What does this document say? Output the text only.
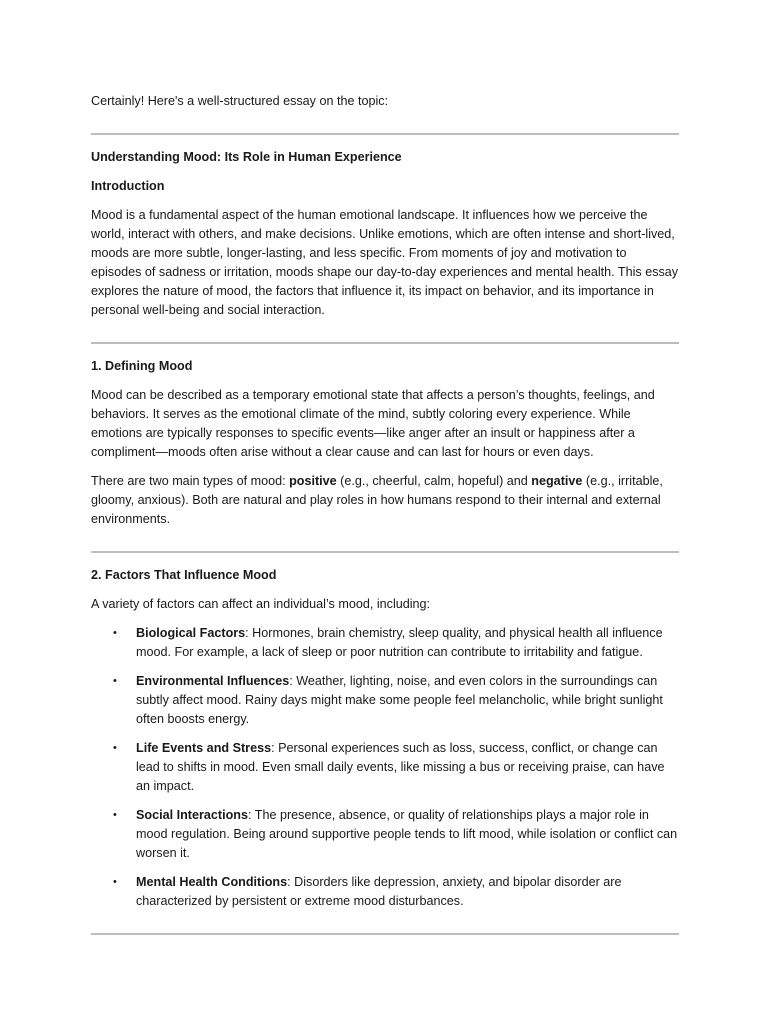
Certainly! Here's a well-structured essay on the topic:

Understanding Mood: Its Role in Human Experience

Introduction

Mood is a fundamental aspect of the human emotional landscape. It influences how we perceive the world, interact with others, and make decisions. Unlike emotions, which are often intense and short-lived, moods are more subtle, longer-lasting, and less specific. From moments of joy and motivation to episodes of sadness or irritation, moods shape our day-to-day experiences and mental health. This essay explores the nature of mood, the factors that influence it, its impact on behavior, and its importance in personal well-being and social interaction.

1. Defining Mood

Mood can be described as a temporary emotional state that affects a person’s thoughts, feelings, and behaviors. It serves as the emotional climate of the mind, subtly coloring every experience. While emotions are typically responses to specific events—like anger after an insult or happiness after a compliment—moods often arise without a clear cause and can last for hours or even days.

There are two main types of mood: positive (e.g., cheerful, calm, hopeful) and negative (e.g., irritable, gloomy, anxious). Both are natural and play roles in how humans respond to their internal and external environments.

2. Factors That Influence Mood

A variety of factors can affect an individual’s mood, including:

• Biological Factors: Hormones, brain chemistry, sleep quality, and physical health all influence mood. For example, a lack of sleep or poor nutrition can contribute to irritability and fatigue.
• Environmental Influences: Weather, lighting, noise, and even colors in the surroundings can subtly affect mood. Rainy days might make some people feel melancholic, while bright sunlight often boosts energy.
• Life Events and Stress: Personal experiences such as loss, success, conflict, or change can lead to shifts in mood. Even small daily events, like missing a bus or receiving praise, can have an impact.
• Social Interactions: The presence, absence, or quality of relationships plays a major role in mood regulation. Being around supportive people tends to lift mood, while isolation or conflict can worsen it.
• Mental Health Conditions: Disorders like depression, anxiety, and bipolar disorder are characterized by persistent or extreme mood disturbances.
